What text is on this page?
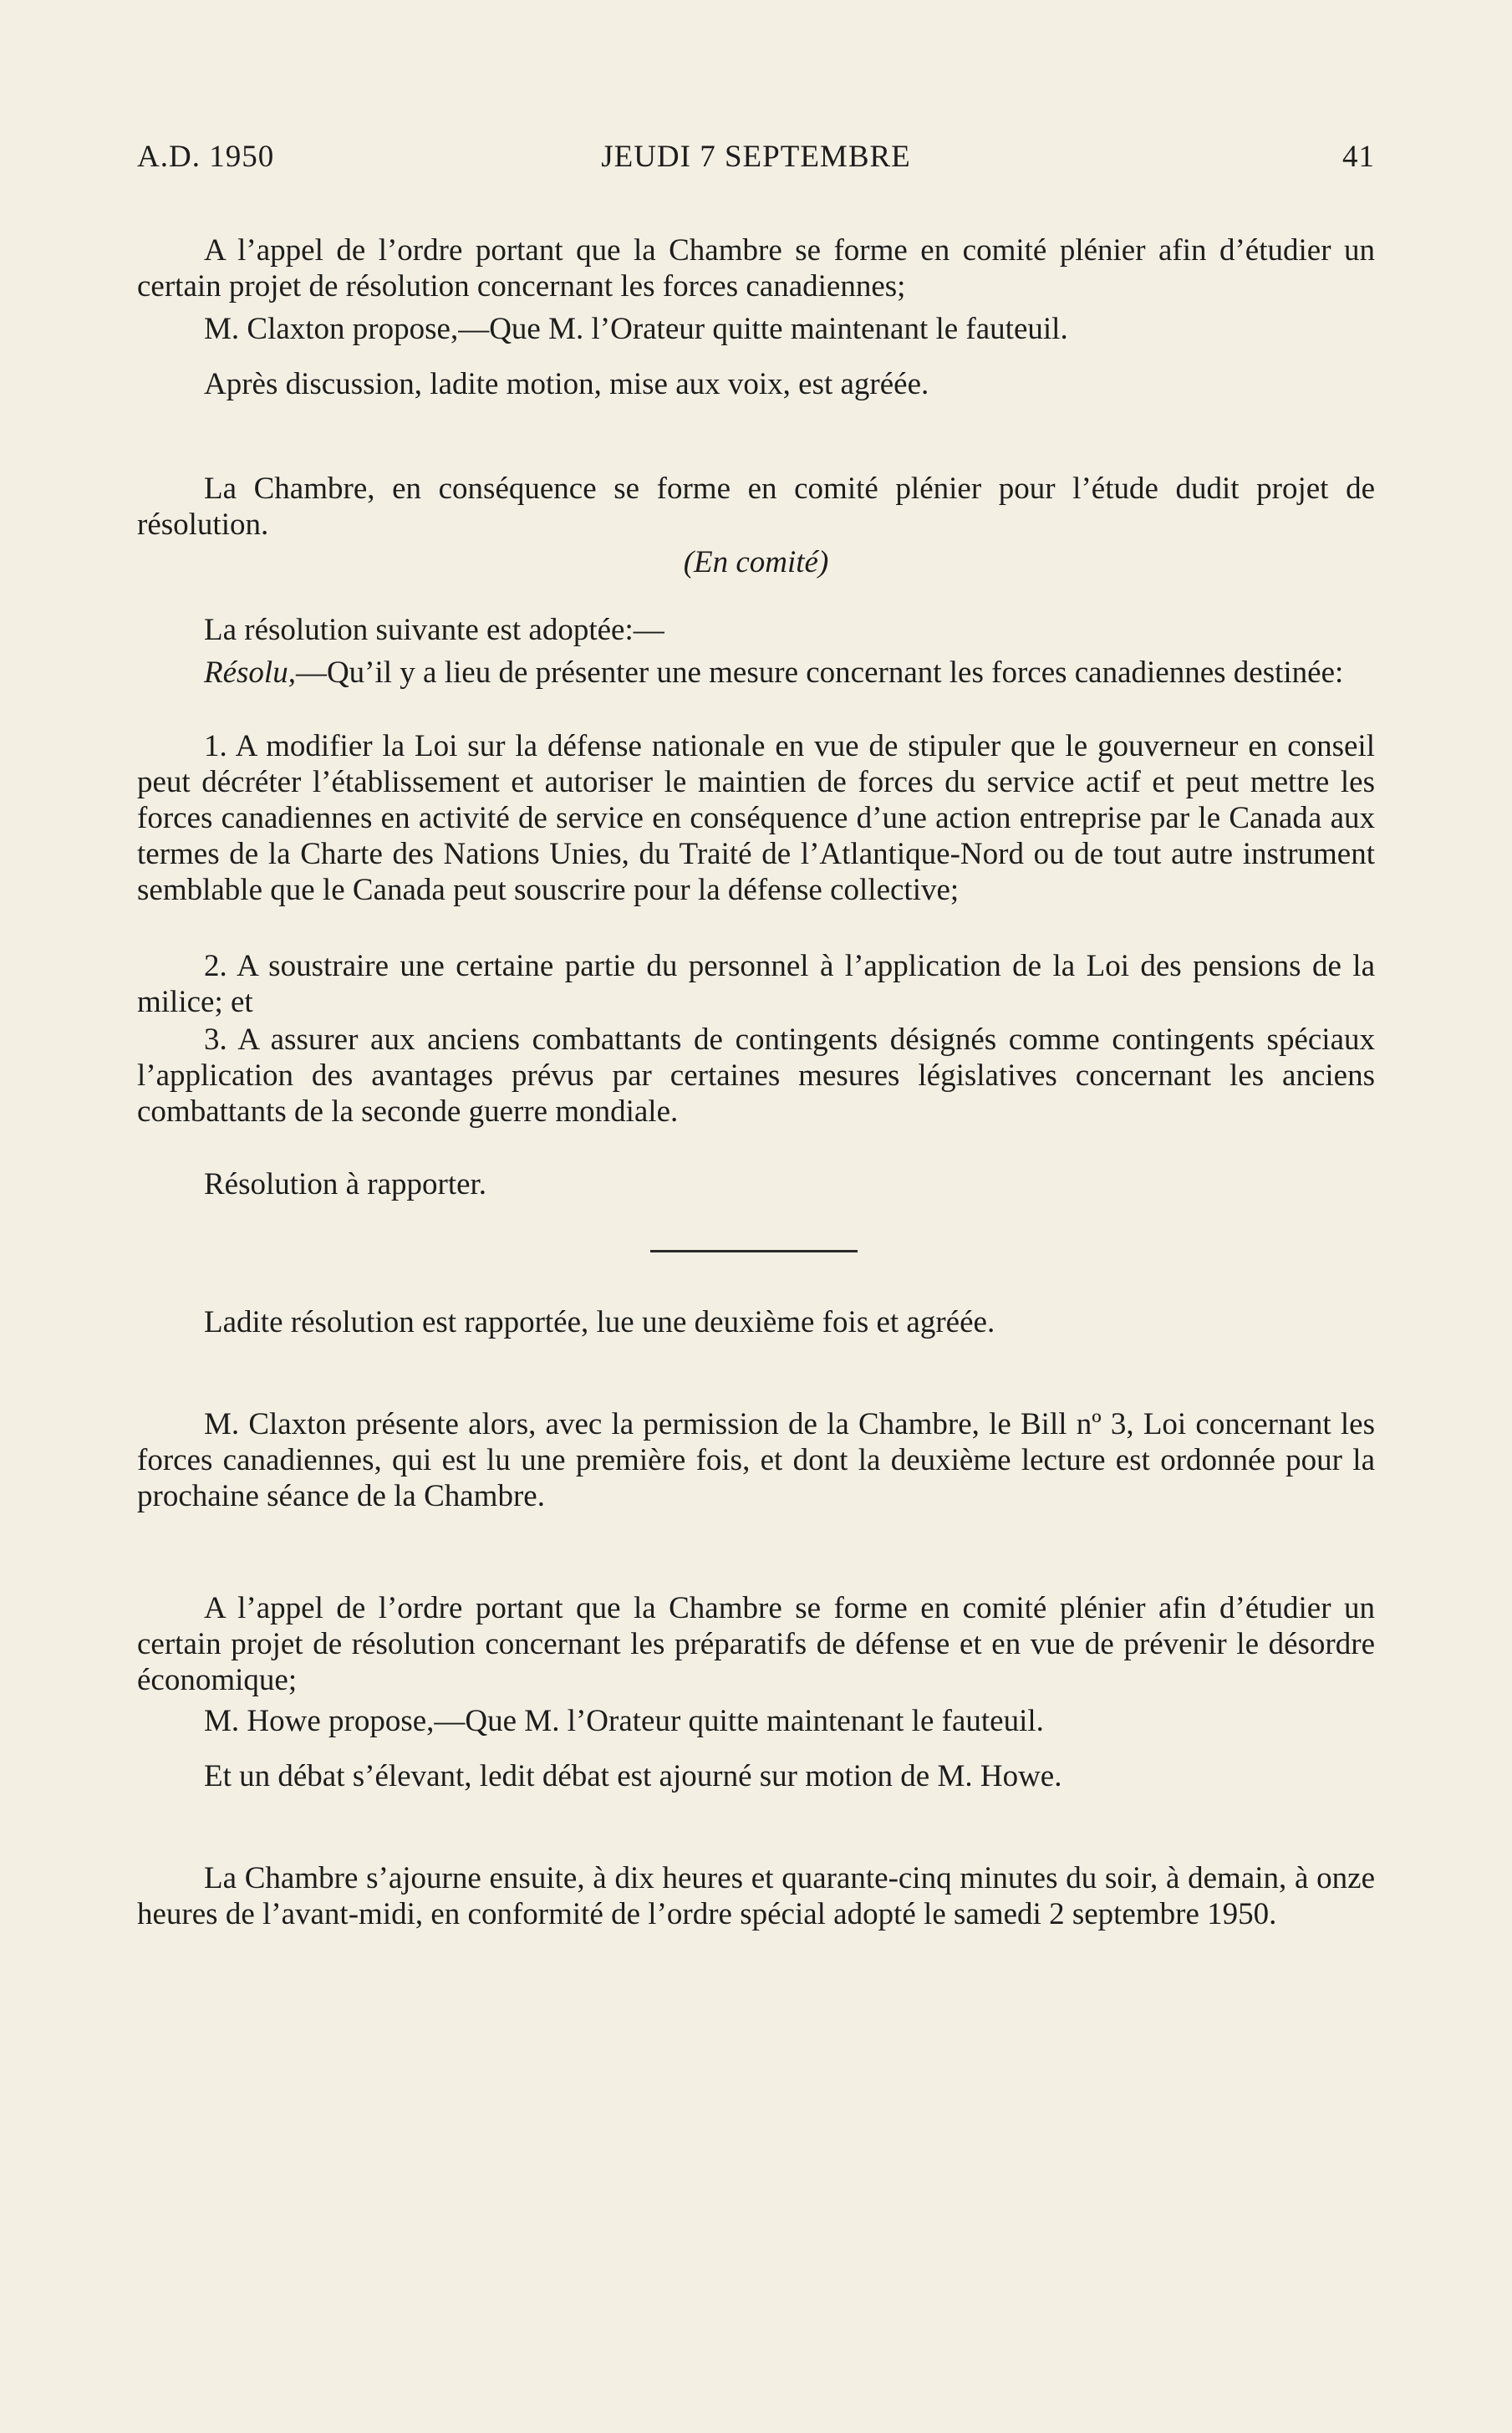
A.D. 1950	JEUDI 7 SEPTEMBRE	41

A l’appel de l’ordre portant que la Chambre se forme en comité plénier afin d’étudier un certain projet de résolution concernant les forces canadiennes;

M. Claxton propose,—Que M. l’Orateur quitte maintenant le fauteuil.

Après discussion, ladite motion, mise aux voix, est agréée.

La Chambre, en conséquence se forme en comité plénier pour l’étude dudit projet de résolution.

(En comité)

La résolution suivante est adoptée:—

Résolu,—Qu’il y a lieu de présenter une mesure concernant les forces canadiennes destinée:

1. A modifier la Loi sur la défense nationale en vue de stipuler que le gouverneur en conseil peut décréter l’établissement et autoriser le maintien de forces du service actif et peut mettre les forces canadiennes en activité de service en conséquence d’une action entreprise par le Canada aux termes de la Charte des Nations Unies, du Traité de l’Atlantique-Nord ou de tout autre instrument semblable que le Canada peut souscrire pour la défense collective;

2. A soustraire une certaine partie du personnel à l’application de la Loi des pensions de la milice; et

3. A assurer aux anciens combattants de contingents désignés comme contingents spéciaux l’application des avantages prévus par certaines mesures législatives concernant les anciens combattants de la seconde guerre mondiale.

Résolution à rapporter.

Ladite résolution est rapportée, lue une deuxième fois et agréée.

M. Claxton présente alors, avec la permission de la Chambre, le Bill nº 3, Loi concernant les forces canadiennes, qui est lu une première fois, et dont la deuxième lecture est ordonnée pour la prochaine séance de la Chambre.

A l’appel de l’ordre portant que la Chambre se forme en comité plénier afin d’étudier un certain projet de résolution concernant les préparatifs de défense et en vue de prévenir le désordre économique;

M. Howe propose,—Que M. l’Orateur quitte maintenant le fauteuil.

Et un débat s’élevant, ledit débat est ajourné sur motion de M. Howe.

La Chambre s’ajourne ensuite, à dix heures et quarante-cinq minutes du soir, à demain, à onze heures de l’avant-midi, en conformité de l’ordre spécial adopté le samedi 2 septembre 1950.
